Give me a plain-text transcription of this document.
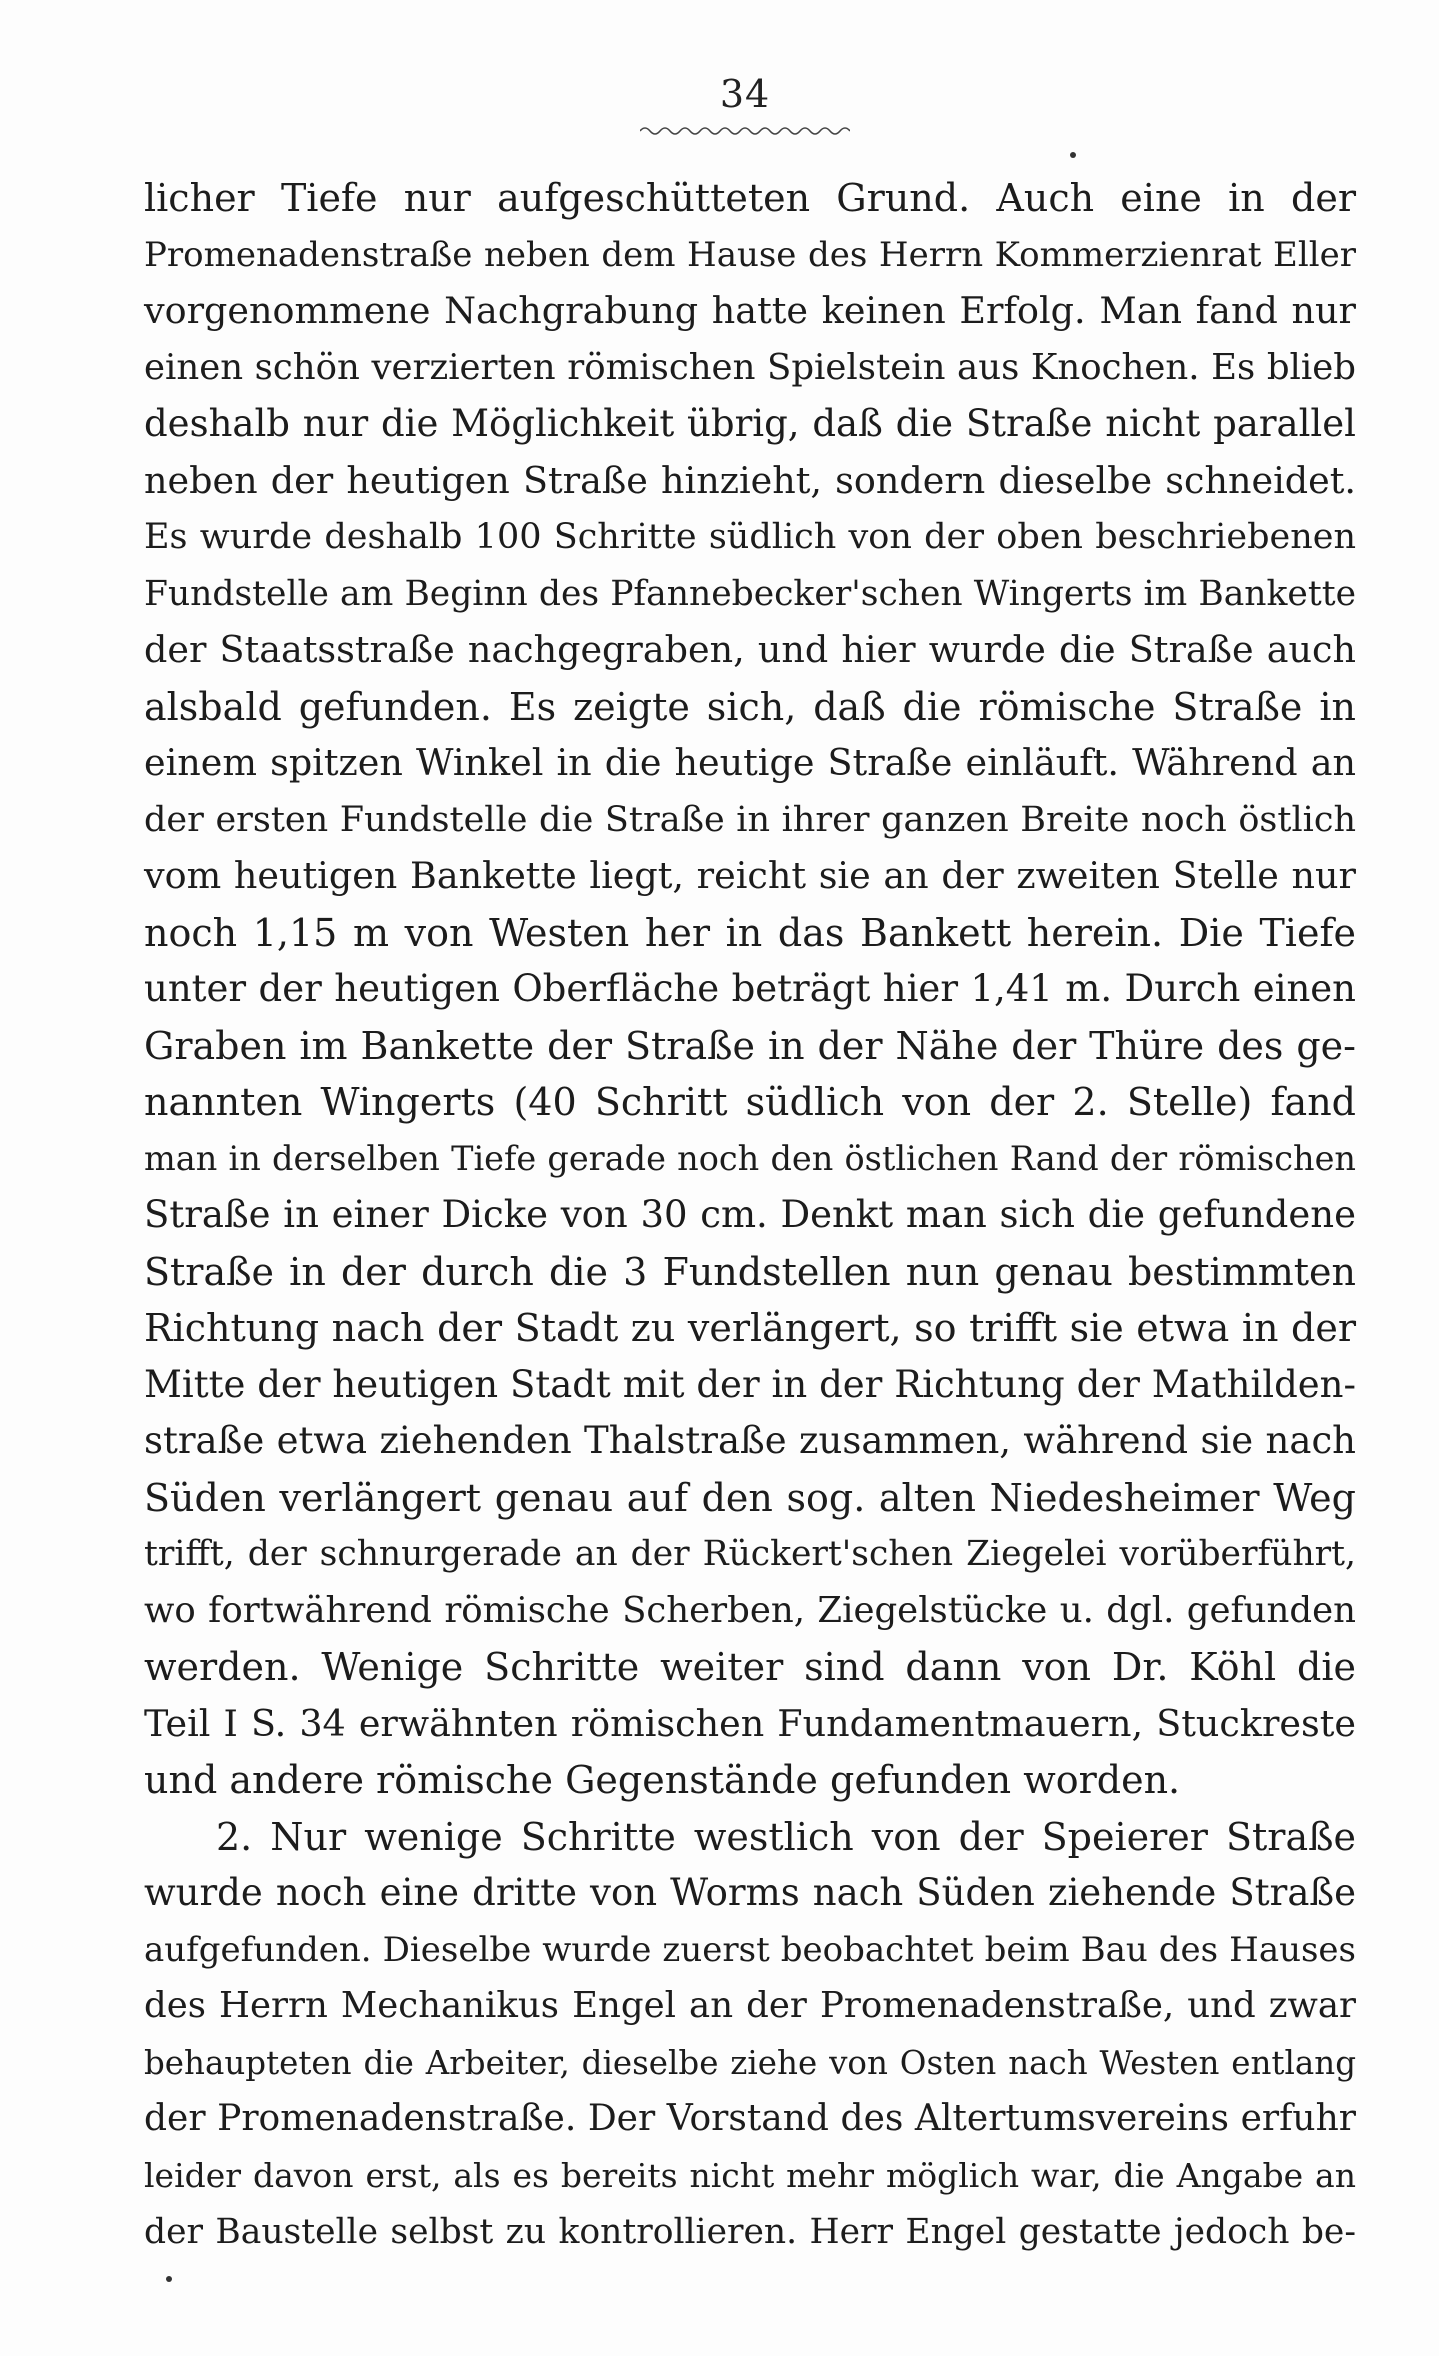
34
licher Tiefe nur aufgeschütteten Grund. Auch eine in der
Promenadenstraße neben dem Hause des Herrn Kommerzienrat Eller
vorgenommene Nachgrabung hatte keinen Erfolg. Man fand nur
einen schön verzierten römischen Spielstein aus Knochen. Es blieb
deshalb nur die Möglichkeit übrig, daß die Straße nicht parallel
neben der heutigen Straße hinzieht, sondern dieselbe schneidet.
Es wurde deshalb 100 Schritte südlich von der oben beschriebenen
Fundstelle am Beginn des Pfannebecker'schen Wingerts im Bankette
der Staatsstraße nachgegraben, und hier wurde die Straße auch
alsbald gefunden. Es zeigte sich, daß die römische Straße in
einem spitzen Winkel in die heutige Straße einläuft. Während an
der ersten Fundstelle die Straße in ihrer ganzen Breite noch östlich
vom heutigen Bankette liegt, reicht sie an der zweiten Stelle nur
noch 1,15 m von Westen her in das Bankett herein. Die Tiefe
unter der heutigen Oberfläche beträgt hier 1,41 m. Durch einen
Graben im Bankette der Straße in der Nähe der Thüre des ge-
nannten Wingerts (40 Schritt südlich von der 2. Stelle) fand
man in derselben Tiefe gerade noch den östlichen Rand der römischen
Straße in einer Dicke von 30 cm. Denkt man sich die gefundene
Straße in der durch die 3 Fundstellen nun genau bestimmten
Richtung nach der Stadt zu verlängert, so trifft sie etwa in der
Mitte der heutigen Stadt mit der in der Richtung der Mathilden-
straße etwa ziehenden Thalstraße zusammen, während sie nach
Süden verlängert genau auf den sog. alten Niedesheimer Weg
trifft, der schnurgerade an der Rückert'schen Ziegelei vorüberführt,
wo fortwährend römische Scherben, Ziegelstücke u. dgl. gefunden
werden. Wenige Schritte weiter sind dann von Dr. Köhl die
Teil I S. 34 erwähnten römischen Fundamentmauern, Stuckreste
und andere römische Gegenstände gefunden worden.
2. Nur wenige Schritte westlich von der Speierer Straße
wurde noch eine dritte von Worms nach Süden ziehende Straße
aufgefunden. Dieselbe wurde zuerst beobachtet beim Bau des Hauses
des Herrn Mechanikus Engel an der Promenadenstraße, und zwar
behaupteten die Arbeiter, dieselbe ziehe von Osten nach Westen entlang
der Promenadenstraße. Der Vorstand des Altertumsvereins erfuhr
leider davon erst, als es bereits nicht mehr möglich war, die Angabe an
der Baustelle selbst zu kontrollieren. Herr Engel gestatte jedoch be-
